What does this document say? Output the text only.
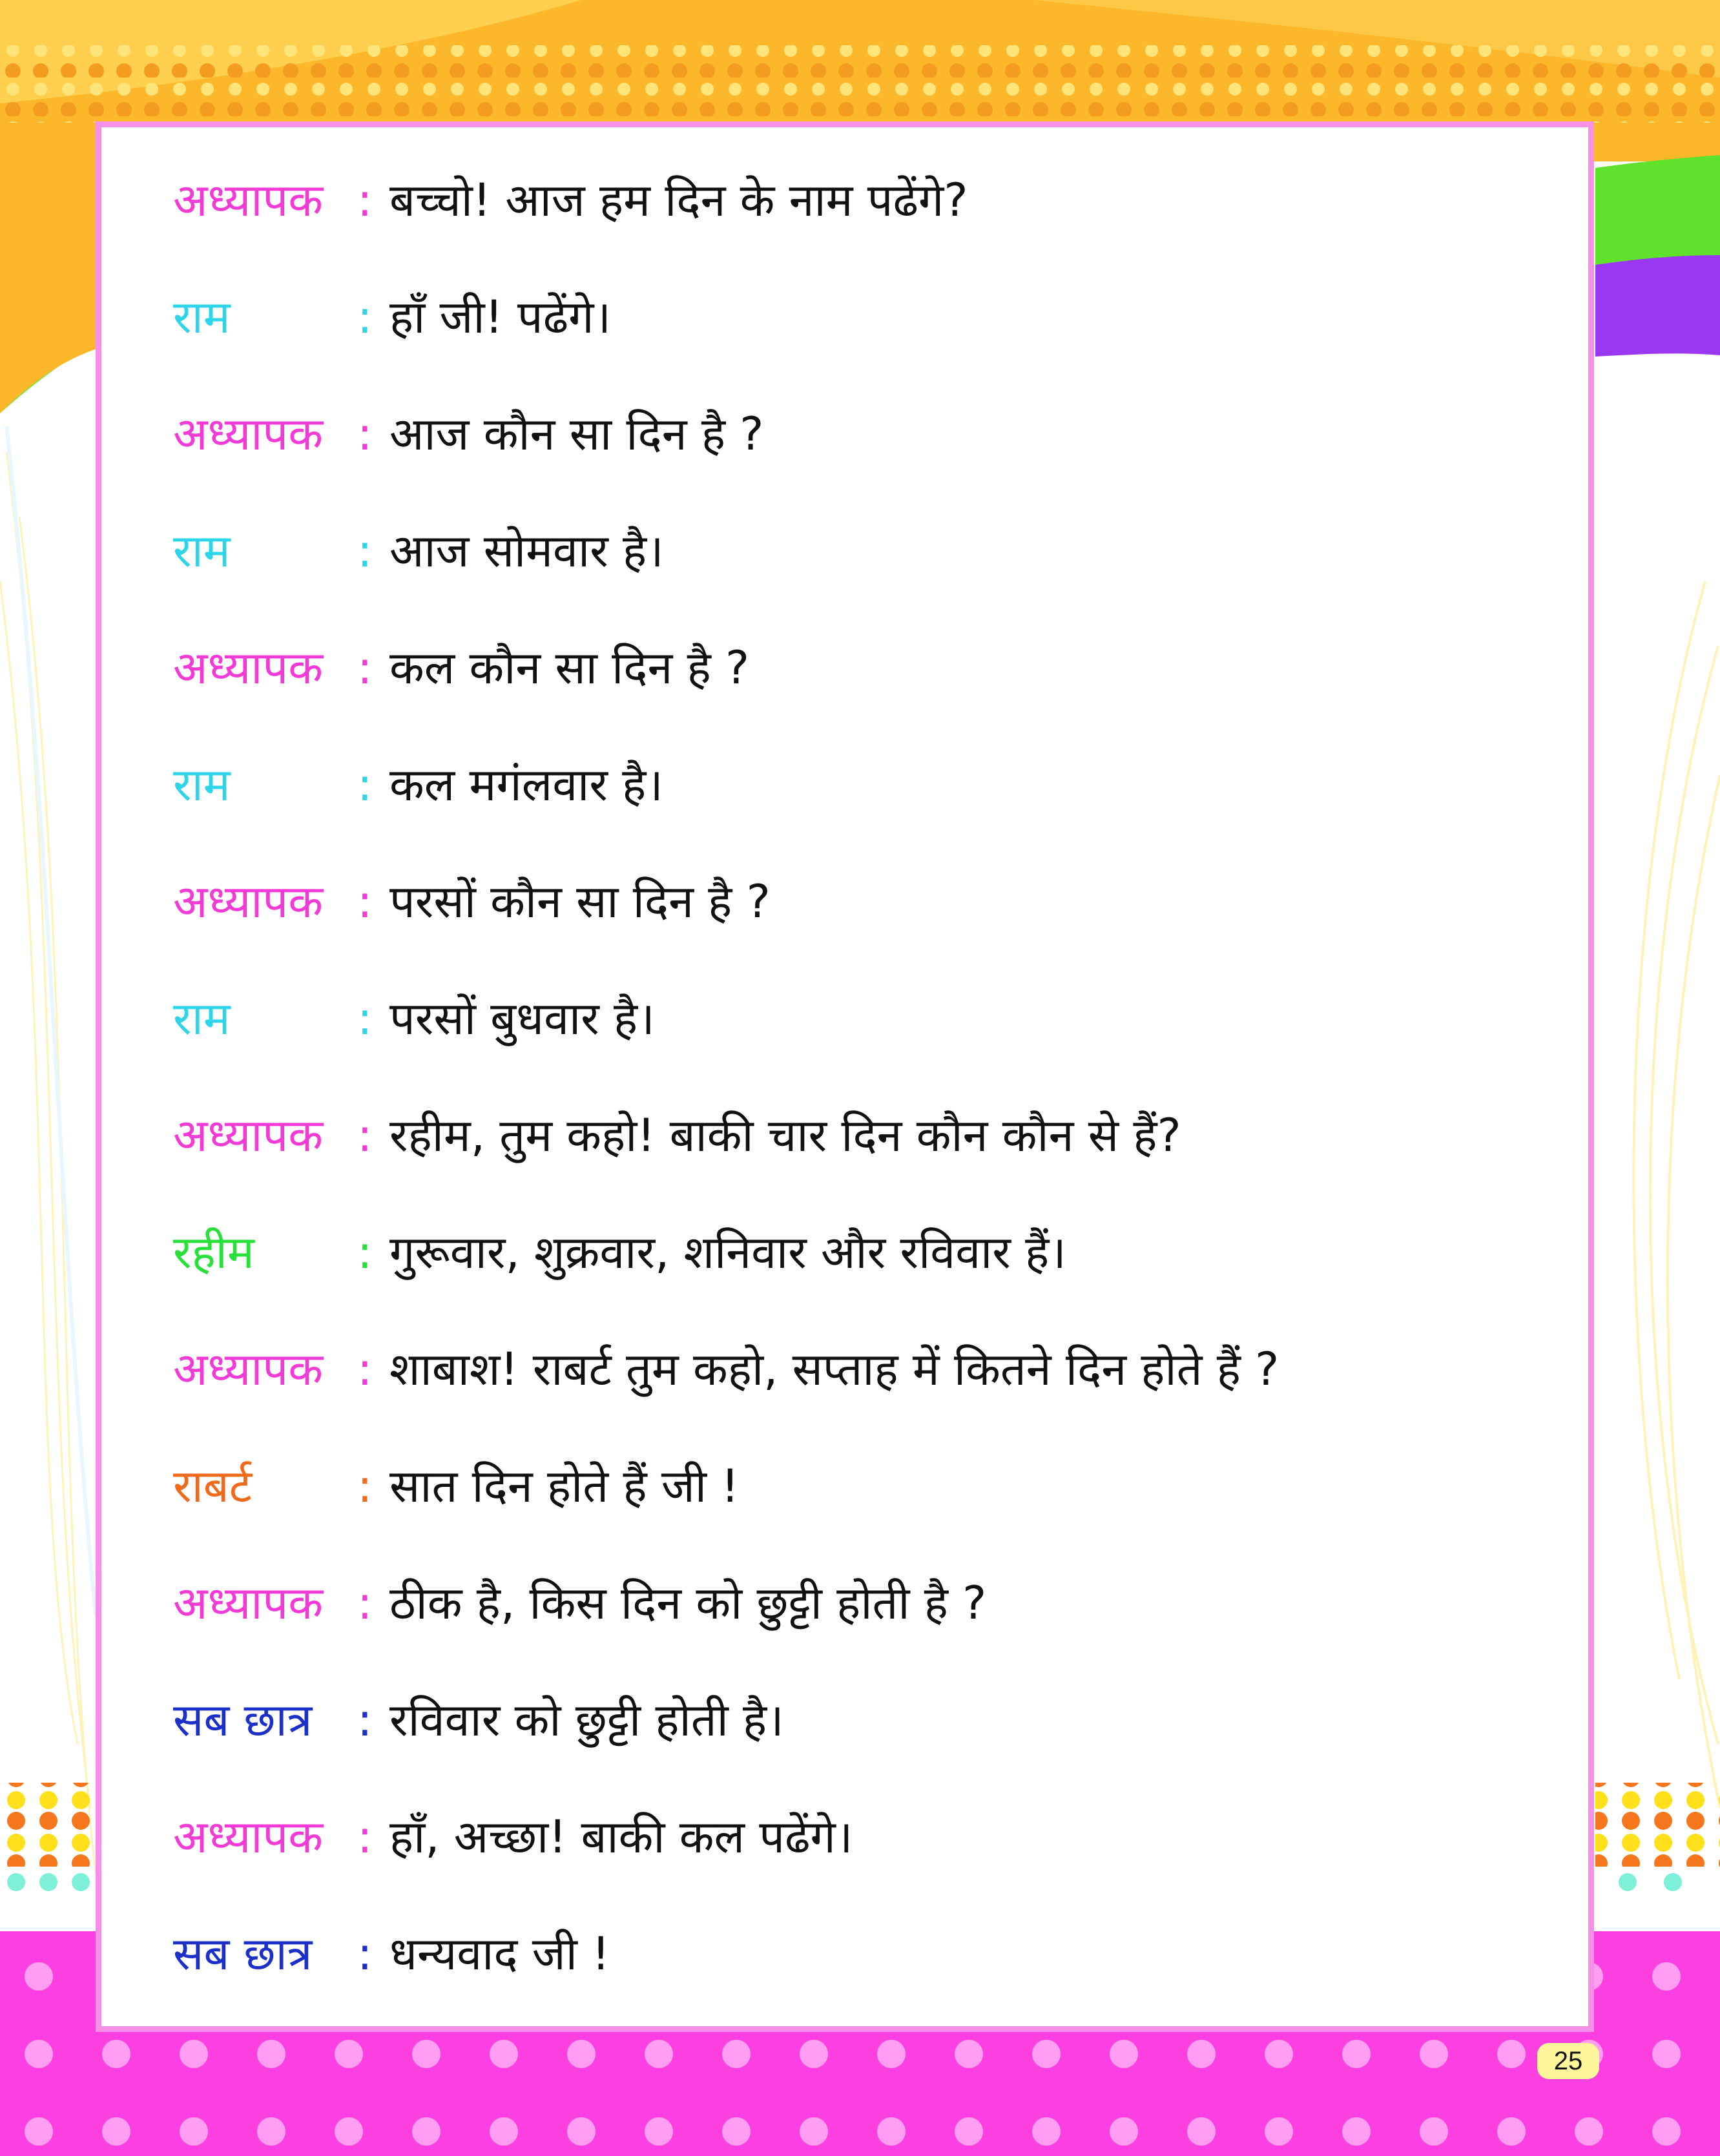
अध्यापक : बच्चो! आज हम दिन के नाम पढेंगे?
राम	: हाँ जी! पढेंगे।
अध्यापक : आज कौन सा दिन है ?
राम	: आज सोमवार है।
अध्यापक : कल कौन सा दिन है ?
राम	: कल मगंलवार है।
अध्यापक : परसों कौन सा दिन है ?
राम	: परसों बुधवार है।
अध्यापक : रहीम, तुम कहो! बाकी चार दिन कौन कौन से हैं?
रहीम	: गुरूवार, शुक्रवार, शनिवार और रविवार हैं।
अध्यापक : शाबाश! राबर्ट तुम कहो, सप्ताह में कितने दिन होते हैं ?
राबर्ट	: सात दिन होते हैं जी !
अध्यापक : ठीक है, किस दिन को छुट्टी होती है ?
सब छात्र : रविवार को छुट्टी होती है।
अध्यापक : हाँ, अच्छा! बाकी कल पढेंगे।
सब छात्र : धन्यवाद जी !
25
